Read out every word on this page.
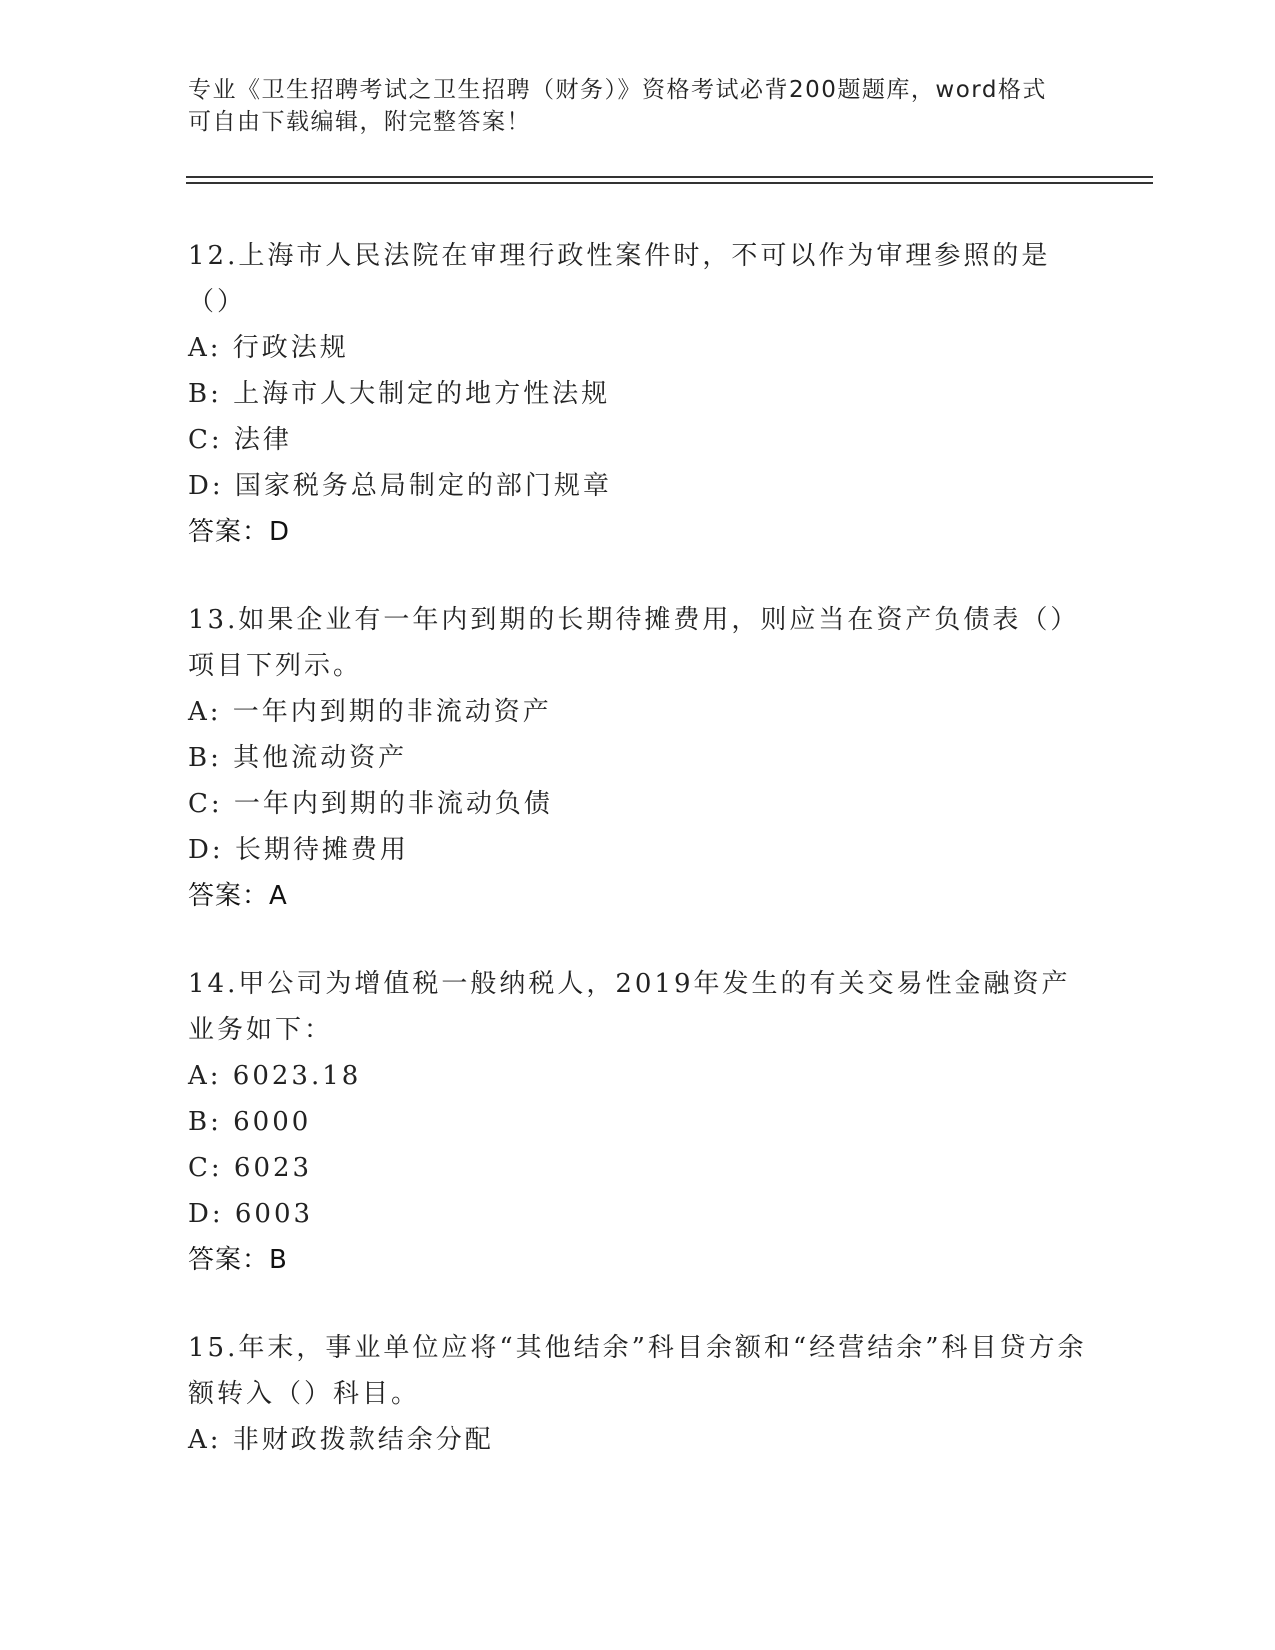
专业《卫生招聘考试之卫生招聘（财务）》资格考试必背200题题库，word格式
可自由下载编辑，附完整答案！

12.上海市人民法院在审理行政性案件时，不可以作为审理参照的是（）

A: 行政法规
B: 上海市人大制定的地方性法规
C: 法律
D: 国家税务总局制定的部门规章
答案：D

13.如果企业有一年内到期的长期待摊费用，则应当在资产负债表（）项目下列示。

A: 一年内到期的非流动资产
B: 其他流动资产
C: 一年内到期的非流动负债
D: 长期待摊费用
答案：A

14.甲公司为增值税一般纳税人，2019年发生的有关交易性金融资产业务如下：

A: 6023.18
B: 6000
C: 6023
D: 6003
答案：B

15.年末，事业单位应将“其他结余”科目余额和“经营结余”科目贷方余额转入（）科目。

A: 非财政拨款结余分配
